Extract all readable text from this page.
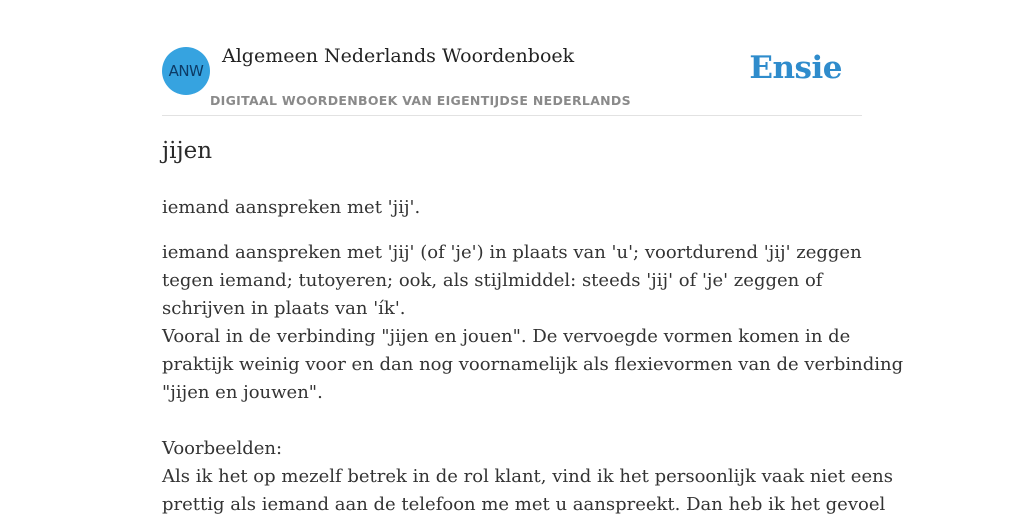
ANW
Algemeen Nederlands Woordenboek
DIGITAAL WOORDENBOEK VAN EIGENTIJDSE NEDERLANDS
Ensie
jijen

iemand aanspreken met 'jij'.

iemand aanspreken met 'jij' (of 'je') in plaats van 'u'; voortdurend 'jij' zeggen
tegen iemand; tutoyeren; ook, als stijlmiddel: steeds 'jij' of 'je' zeggen of
schrijven in plaats van 'ík'.
Vooral in de verbinding "jijen en jouen". De vervoegde vormen komen in de
praktijk weinig voor en dan nog voornamelijk als flexievormen van de verbinding
"jijen en jouwen".
Voorbeelden:
Als ik het op mezelf betrek in de rol klant, vind ik het persoonlijk vaak niet eens
prettig als iemand aan de telefoon me met u aanspreekt. Dan heb ik het gevoel
